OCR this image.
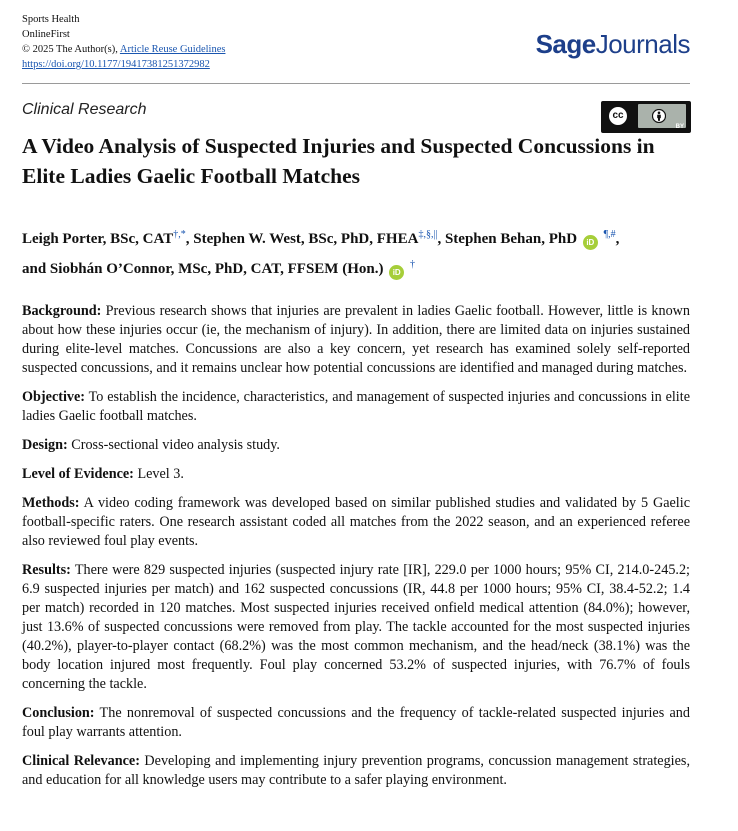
Sports Health
OnlineFirst
© 2025 The Author(s), Article Reuse Guidelines
https://doi.org/10.1177/19417381251372982
SageJournals
Clinical Research	cc
BY
A Video Analysis of Suspected Injuries and Suspected Concussions in Elite Ladies Gaelic Football Matches
Leigh Porter, BSc, CAT†,*, Stephen W. West, BSc, PhD, FHEA‡,§,||, Stephen Behan, PhD iD ¶,#,
and Siobhán O’Connor, MSc, PhD, CAT, FFSEM (Hon.) iD †

Background: Previous research shows that injuries are prevalent in ladies Gaelic football. However, little is known about how these injuries occur (ie, the mechanism of injury). In addition, there are limited data on injuries sustained during elite-level matches. Concussions are also a key concern, yet research has examined solely self-reported suspected concussions, and it remains unclear how potential concussions are identified and managed during matches.

Objective: To establish the incidence, characteristics, and management of suspected injuries and concussions in elite ladies Gaelic football matches.

Design: Cross-sectional video analysis study.

Level of Evidence: Level 3.

Methods: A video coding framework was developed based on similar published studies and validated by 5 Gaelic football-specific raters. One research assistant coded all matches from the 2022 season, and an experienced referee also reviewed foul play events.

Results: There were 829 suspected injuries (suspected injury rate [IR], 229.0 per 1000 hours; 95% CI, 214.0-245.2; 6.9 suspected injuries per match) and 162 suspected concussions (IR, 44.8 per 1000 hours; 95% CI, 38.4-52.2; 1.4 per match) recorded in 120 matches. Most suspected injuries received onfield medical attention (84.0%); however, just 13.6% of suspected concussions were removed from play. The tackle accounted for the most suspected injuries (40.2%), player-to-player contact (68.2%) was the most common mechanism, and the head/neck (38.1%) was the body location injured most frequently. Foul play concerned 53.2% of suspected injuries, with 76.7% of fouls concerning the tackle.

Conclusion: The nonremoval of suspected concussions and the frequency of tackle-related suspected injuries and foul play warrants attention.

Clinical Relevance: Developing and implementing injury prevention programs, concussion management strategies, and education for all knowledge users may contribute to a safer playing environment.
